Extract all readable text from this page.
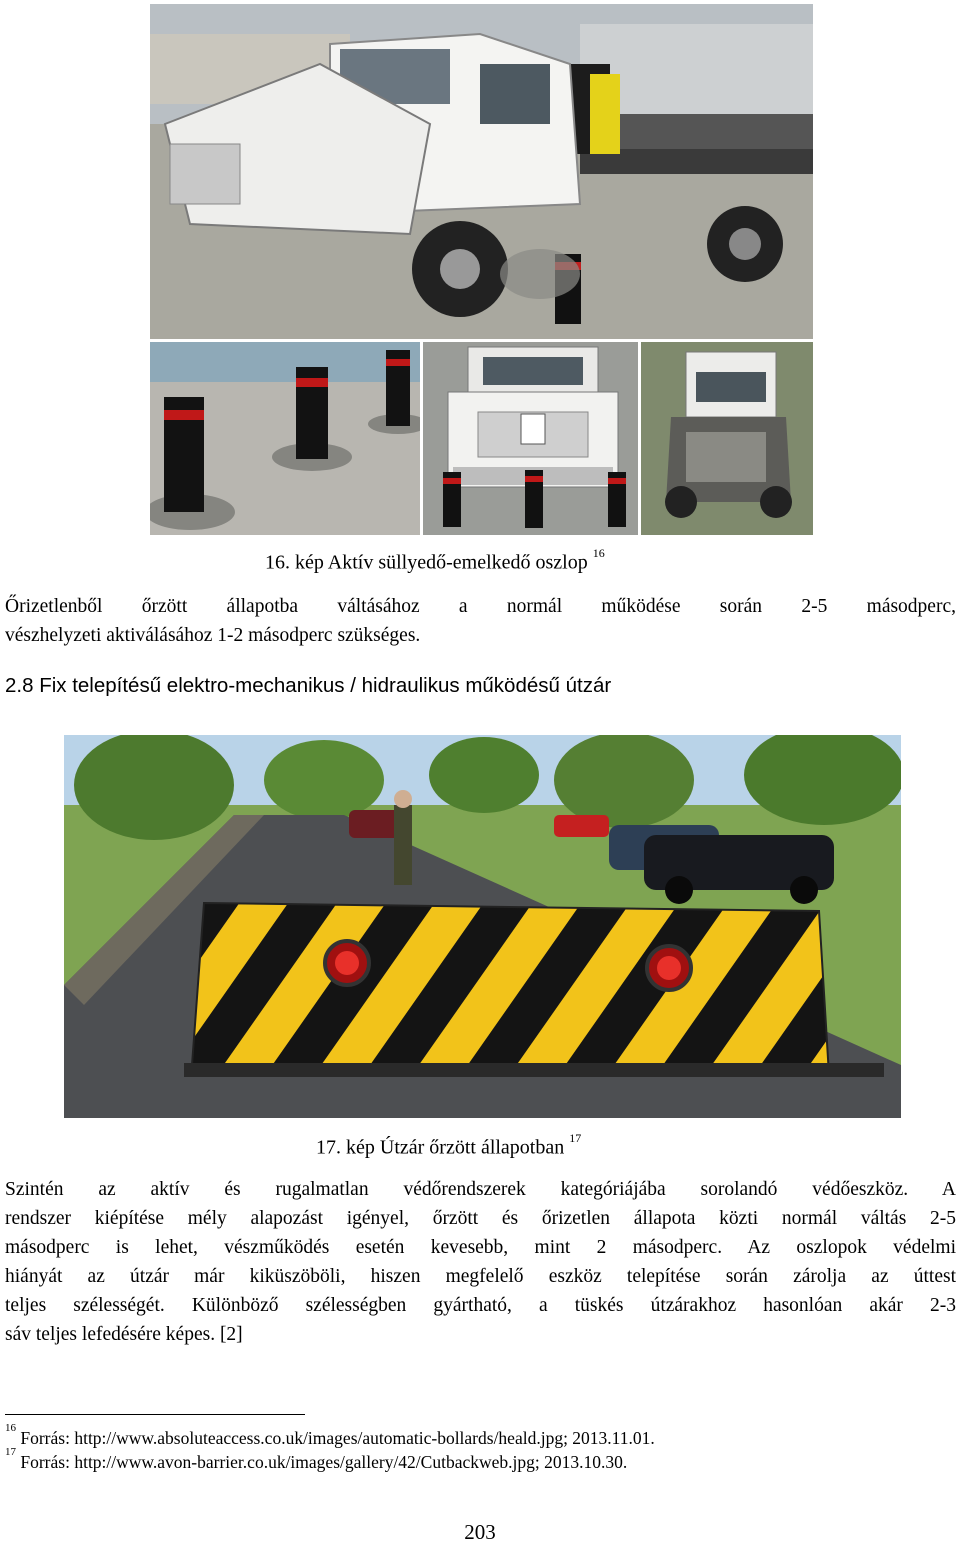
16. kép Aktív süllyedő-emelkedő oszlop $^{16}$
Őrizetlenből őrzött állapotba váltásához a normál működése során 2-5 másodperc,
vészhelyzeti aktiválásához 1-2 másodperc szükséges.
2.8 Fix telepítésű elektro-mechanikus / hidraulikus működésű útzár
17. kép Útzár őrzött állapotban $^{17}$
Szintén az aktív és rugalmatlan védőrendszerek kategóriájába sorolandó védőeszköz. A
rendszer kiépítése mély alapozást igényel, őrzött és őrizetlen állapota közti normál váltás 2-5
másodperc is lehet, vészműködés esetén kevesebb, mint 2 másodperc. Az oszlopok védelmi
hiányát az útzár már kiküszöböli, hiszen megfelelő eszköz telepítése során zárolja az úttest
teljes szélességét. Különböző szélességben gyártható, a tüskés útzárakhoz hasonlóan akár 2-3
sáv teljes lefedésére képes. [2]
$^{16}$ Forrás: http://www.absoluteaccess.co.uk/images/automatic-bollards/heald.jpg; 2013.11.01.
$^{17}$ Forrás: http://www.avon-barrier.co.uk/images/gallery/42/Cutbackweb.jpg; 2013.10.30.
203
